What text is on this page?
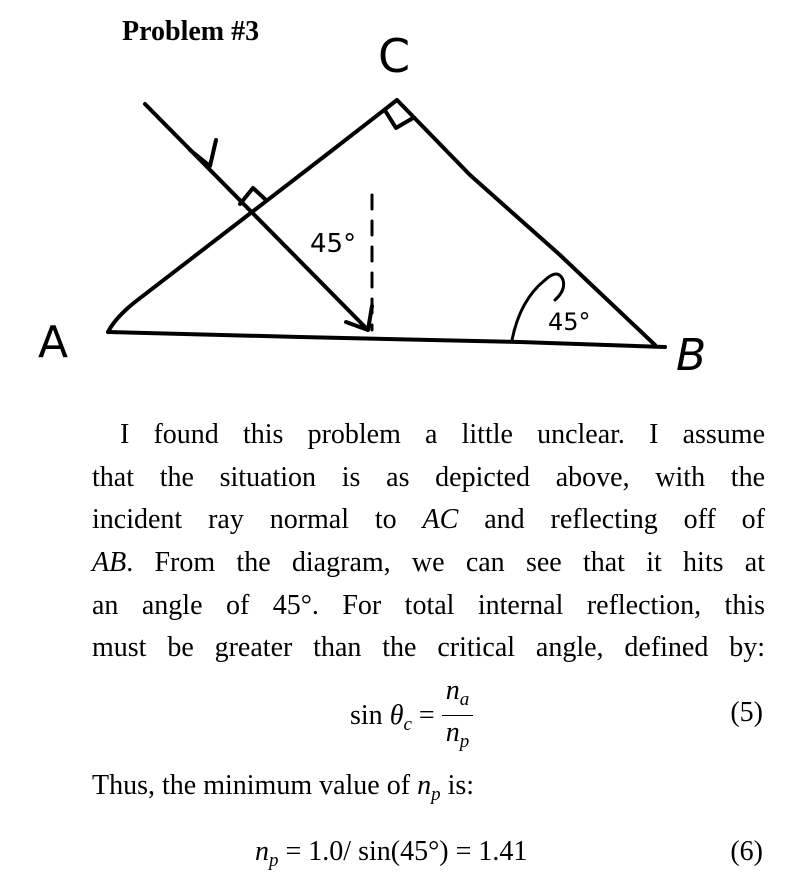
Problem #3
A	B
C
45°
45°
I found this problem a little unclear. I assume
that the situation is as depicted above, with the
incident ray normal to AC and reflecting off of
AB. From the diagram, we can see that it hits at
an angle of 45°. For total internal reflection, this
must be greater than the critical angle, defined by:
$\sin \theta_c = \frac{n_a}{n_p}$	(5)
Thus, the minimum value of $n_p$ is:
$n_p = 1.0/$ sin(45°) = 1.41	(6)
